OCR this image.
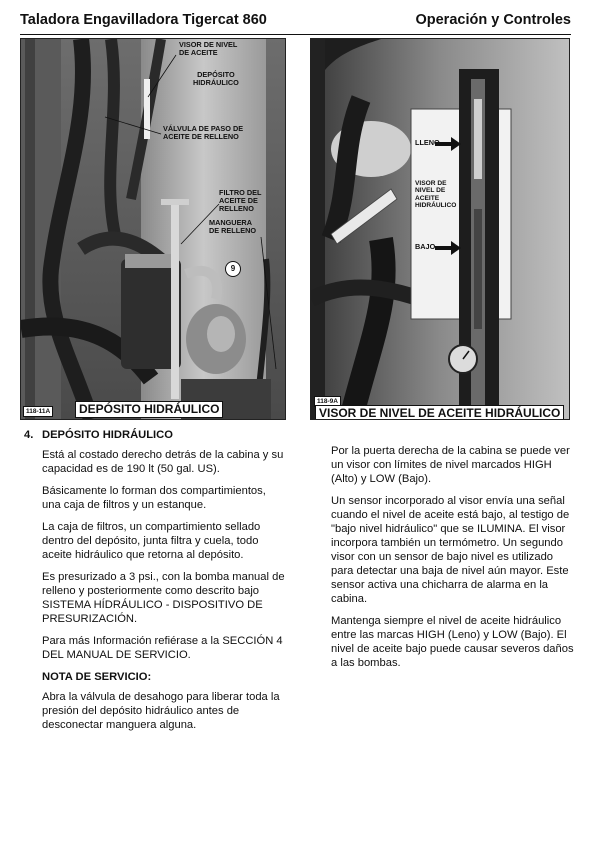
Taladora Engavilladora Tigercat 860	Operación y Controles
VISOR DE NIVEL
DE ACEITE
DEPÓSITO
HIDRÁULICO
VÁLVULA DE PASO DE
ACEITE DE RELLENO
FILTRO DEL
ACEITE DE
RELLENO
MANGUERA
DE RELLENO
9
118-11A	DEPÓSITO HIDRÁULICO
LLENO
VISOR DE
NIVEL DE
ACEITE
HIDRÁULICO
BAJO
118-9A
VISOR DE NIVEL DE ACEITE HIDRÁULICO
4. DEPÓSITO HIDRÁULICO

Está al costado derecho detrás de la cabina y su capacidad es de 190 lt (50 gal. US).

Básicamente lo forman dos compartimientos, una caja de filtros y un estanque.

La caja de filtros, un compartimiento sellado dentro del depósito, junta filtra y cuela, todo aceite hidráulico que retorna al depósito.

Es presurizado a 3 psi., con la bomba manual de relleno y posteriormente como descrito bajo SISTEMA HÍDRÁULICO - DISPOSITIVO DE PRESURIZACIÓN.

Para más Información refiérase a la SECCIÓN 4 DEL MANUAL DE SERVICIO.

NOTA DE SERVICIO:

Abra la válvula de desahogo para liberar toda la presión del depósito hidráulico antes de desconectar manguera alguna.

Por la puerta derecha de la cabina se puede ver un visor con límites de nivel marcados HIGH (Alto) y LOW (Bajo).

Un sensor incorporado al visor envía una señal cuando el nivel de aceite está bajo, al testigo de "bajo nivel hidráulico" que se ILUMINA. El visor incorpora también un termómetro. Un segundo visor con un sensor de bajo nivel es utilizado para detectar una baja de nivel aún mayor. Este sensor activa una chicharra de alarma en la cabina.

Mantenga siempre el nivel de aceite hidráulico entre las marcas HIGH (Leno) y LOW (Bajo). El nivel de aceite bajo puede causar severos daños a las bombas.
